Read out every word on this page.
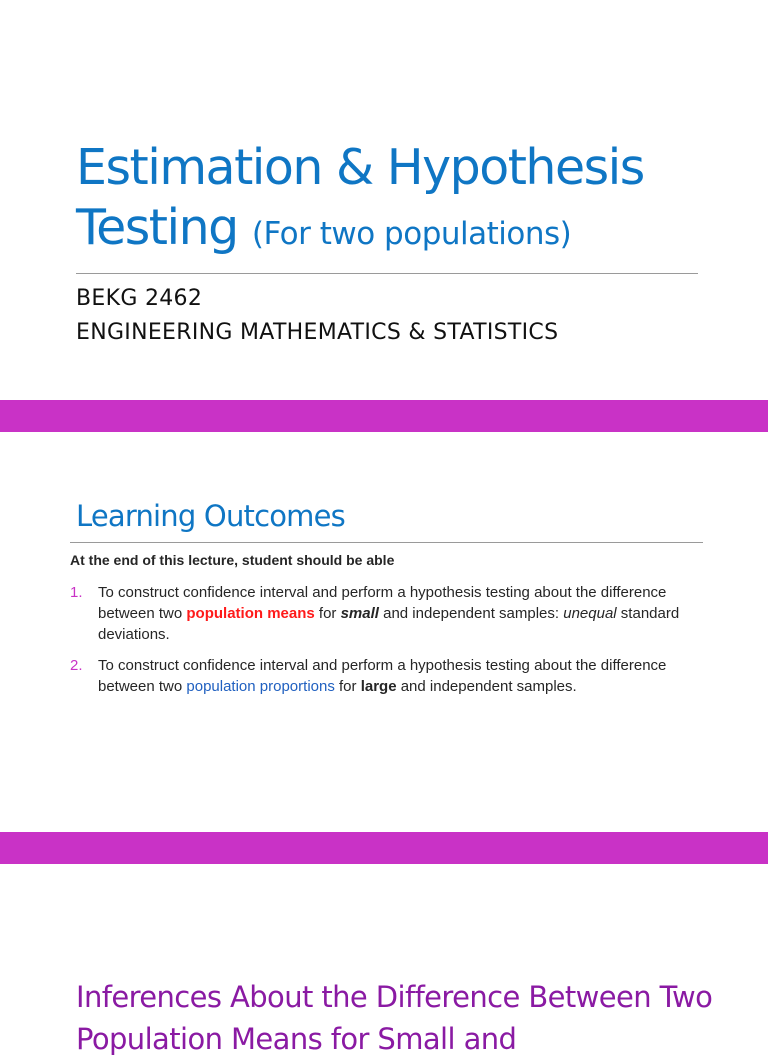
Estimation & Hypothesis Testing (For two populations)
BEKG 2462
ENGINEERING MATHEMATICS & STATISTICS
Learning Outcomes
At the end of this lecture, student should be able
1. To construct confidence interval and perform a hypothesis testing about the difference between two population means for small and independent samples: unequal standard deviations.
2. To construct confidence interval and perform a hypothesis testing about the difference between two population proportions for large and independent samples.
Inferences About the Difference Between Two Population Means for Small and
